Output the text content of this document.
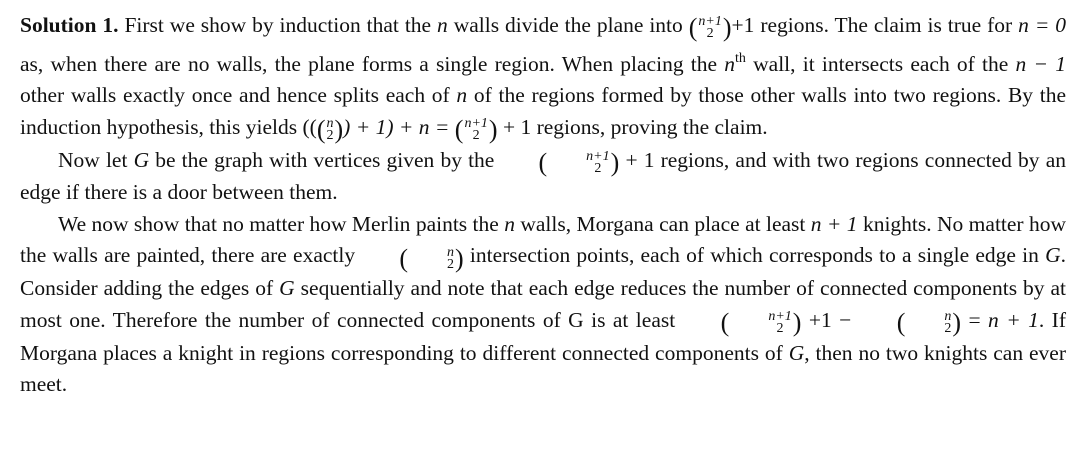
Solution 1. First we show by induction that the n walls divide the plane into ( n+1
2 )+1 regions. The claim is true for n = 0 as, when there are no walls, the plane forms a single region. When placing the $n^{th}$ wall, it intersects each of the n − 1 other walls exactly once and hence splits each of n of the regions formed by those other walls into two regions. By the induction hypothesis, this yields ((( n
2 )) + 1) + n = ( n+1
2 ) + 1 regions, proving the claim.

Now let G be the graph with vertices given by the (	n+1
2 ) + 1 regions, and with two regions connected by an edge if there is a door between them.

We now show that no matter how Merlin paints the n walls, Morgana can place at least n + 1 knights. No matter how the walls are painted, there are exactly (	n
2 ) intersection points, each of which corresponds to a single edge in G. Consider adding the edges of G sequentially and note that each edge reduces the number of connected components by at most one. Therefore the number of connected components of G is at least (	n+1
2 ) +1 − (	n
2 ) = n + 1. If Morgana places a knight in regions corresponding to different connected components of G, then no two knights can ever meet.
